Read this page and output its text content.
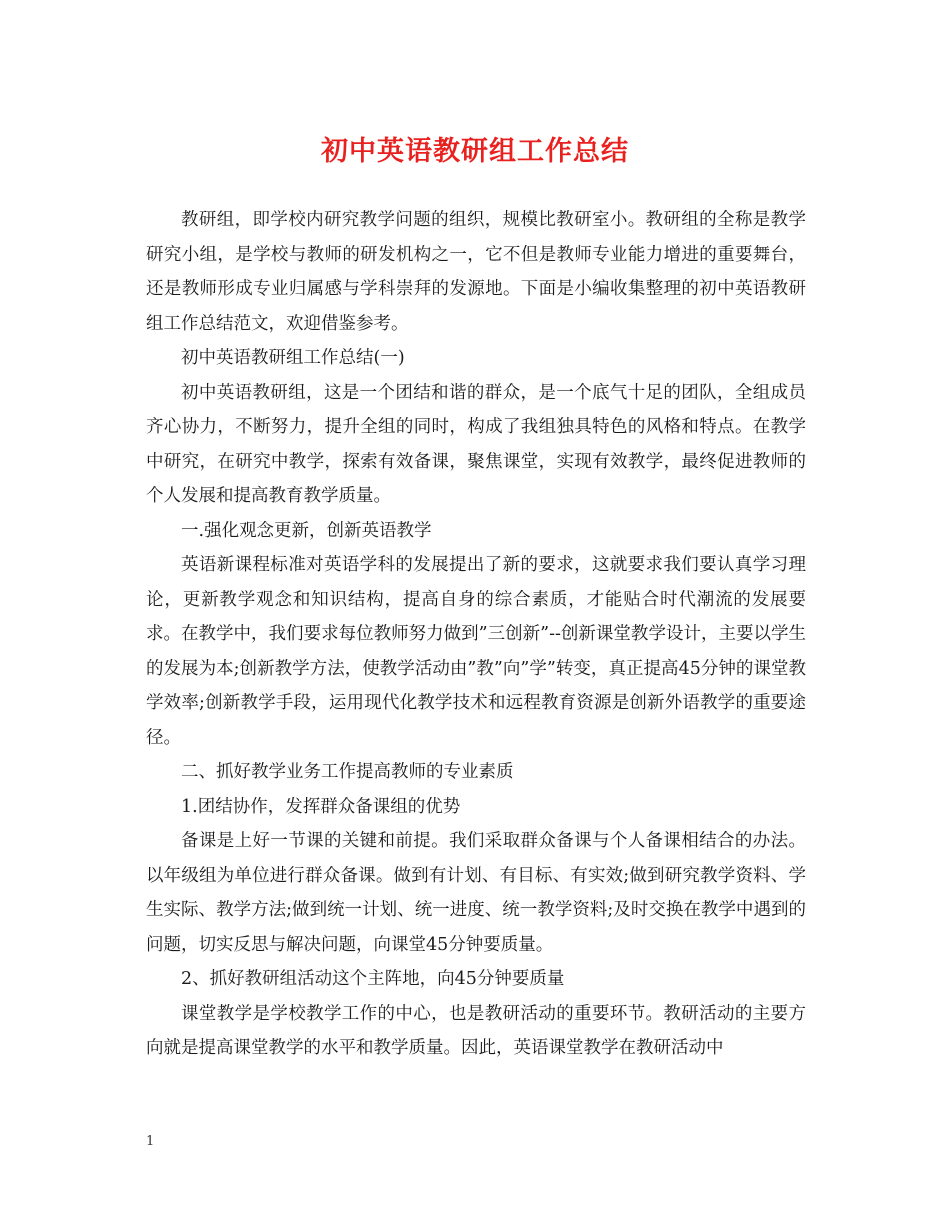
初中英语教研组工作总结

教研组，即学校内研究教学问题的组织，规模比教研室小。教研组的全称是教学研究小组，是学校与教师的研发机构之一，它不但是教师专业能力增进的重要舞台，还是教师形成专业归属感与学科崇拜的发源地。下面是小编收集整理的初中英语教研组工作总结范文，欢迎借鉴参考。

初中英语教研组工作总结(一)

初中英语教研组，这是一个团结和谐的群众，是一个底气十足的团队，全组成员齐心协力，不断努力，提升全组的同时，构成了我组独具特色的风格和特点。在教学中研究，在研究中教学，探索有效备课，聚焦课堂，实现有效教学，最终促进教师的个人发展和提高教育教学质量。

一.强化观念更新，创新英语教学

英语新课程标准对英语学科的发展提出了新的要求，这就要求我们要认真学习理论，更新教学观念和知识结构，提高自身的综合素质，才能贴合时代潮流的发展要求。在教学中，我们要求每位教师努力做到”三创新”--创新课堂教学设计，主要以学生的发展为本;创新教学方法，使教学活动由”教”向”学”转变，真正提高45分钟的课堂教学效率;创新教学手段，运用现代化教学技术和远程教育资源是创新外语教学的重要途径。

二、抓好教学业务工作提高教师的专业素质

1.团结协作，发挥群众备课组的优势

备课是上好一节课的关键和前提。我们采取群众备课与个人备课相结合的办法。以年级组为单位进行群众备课。做到有计划、有目标、有实效;做到研究教学资料、学生实际、教学方法;做到统一计划、统一进度、统一教学资料;及时交换在教学中遇到的问题，切实反思与解决问题，向课堂45分钟要质量。

2、抓好教研组活动这个主阵地，向45分钟要质量

课堂教学是学校教学工作的中心，也是教研活动的重要环节。教研活动的主要方向就是提高课堂教学的水平和教学质量。因此，英语课堂教学在教研活动中

1
